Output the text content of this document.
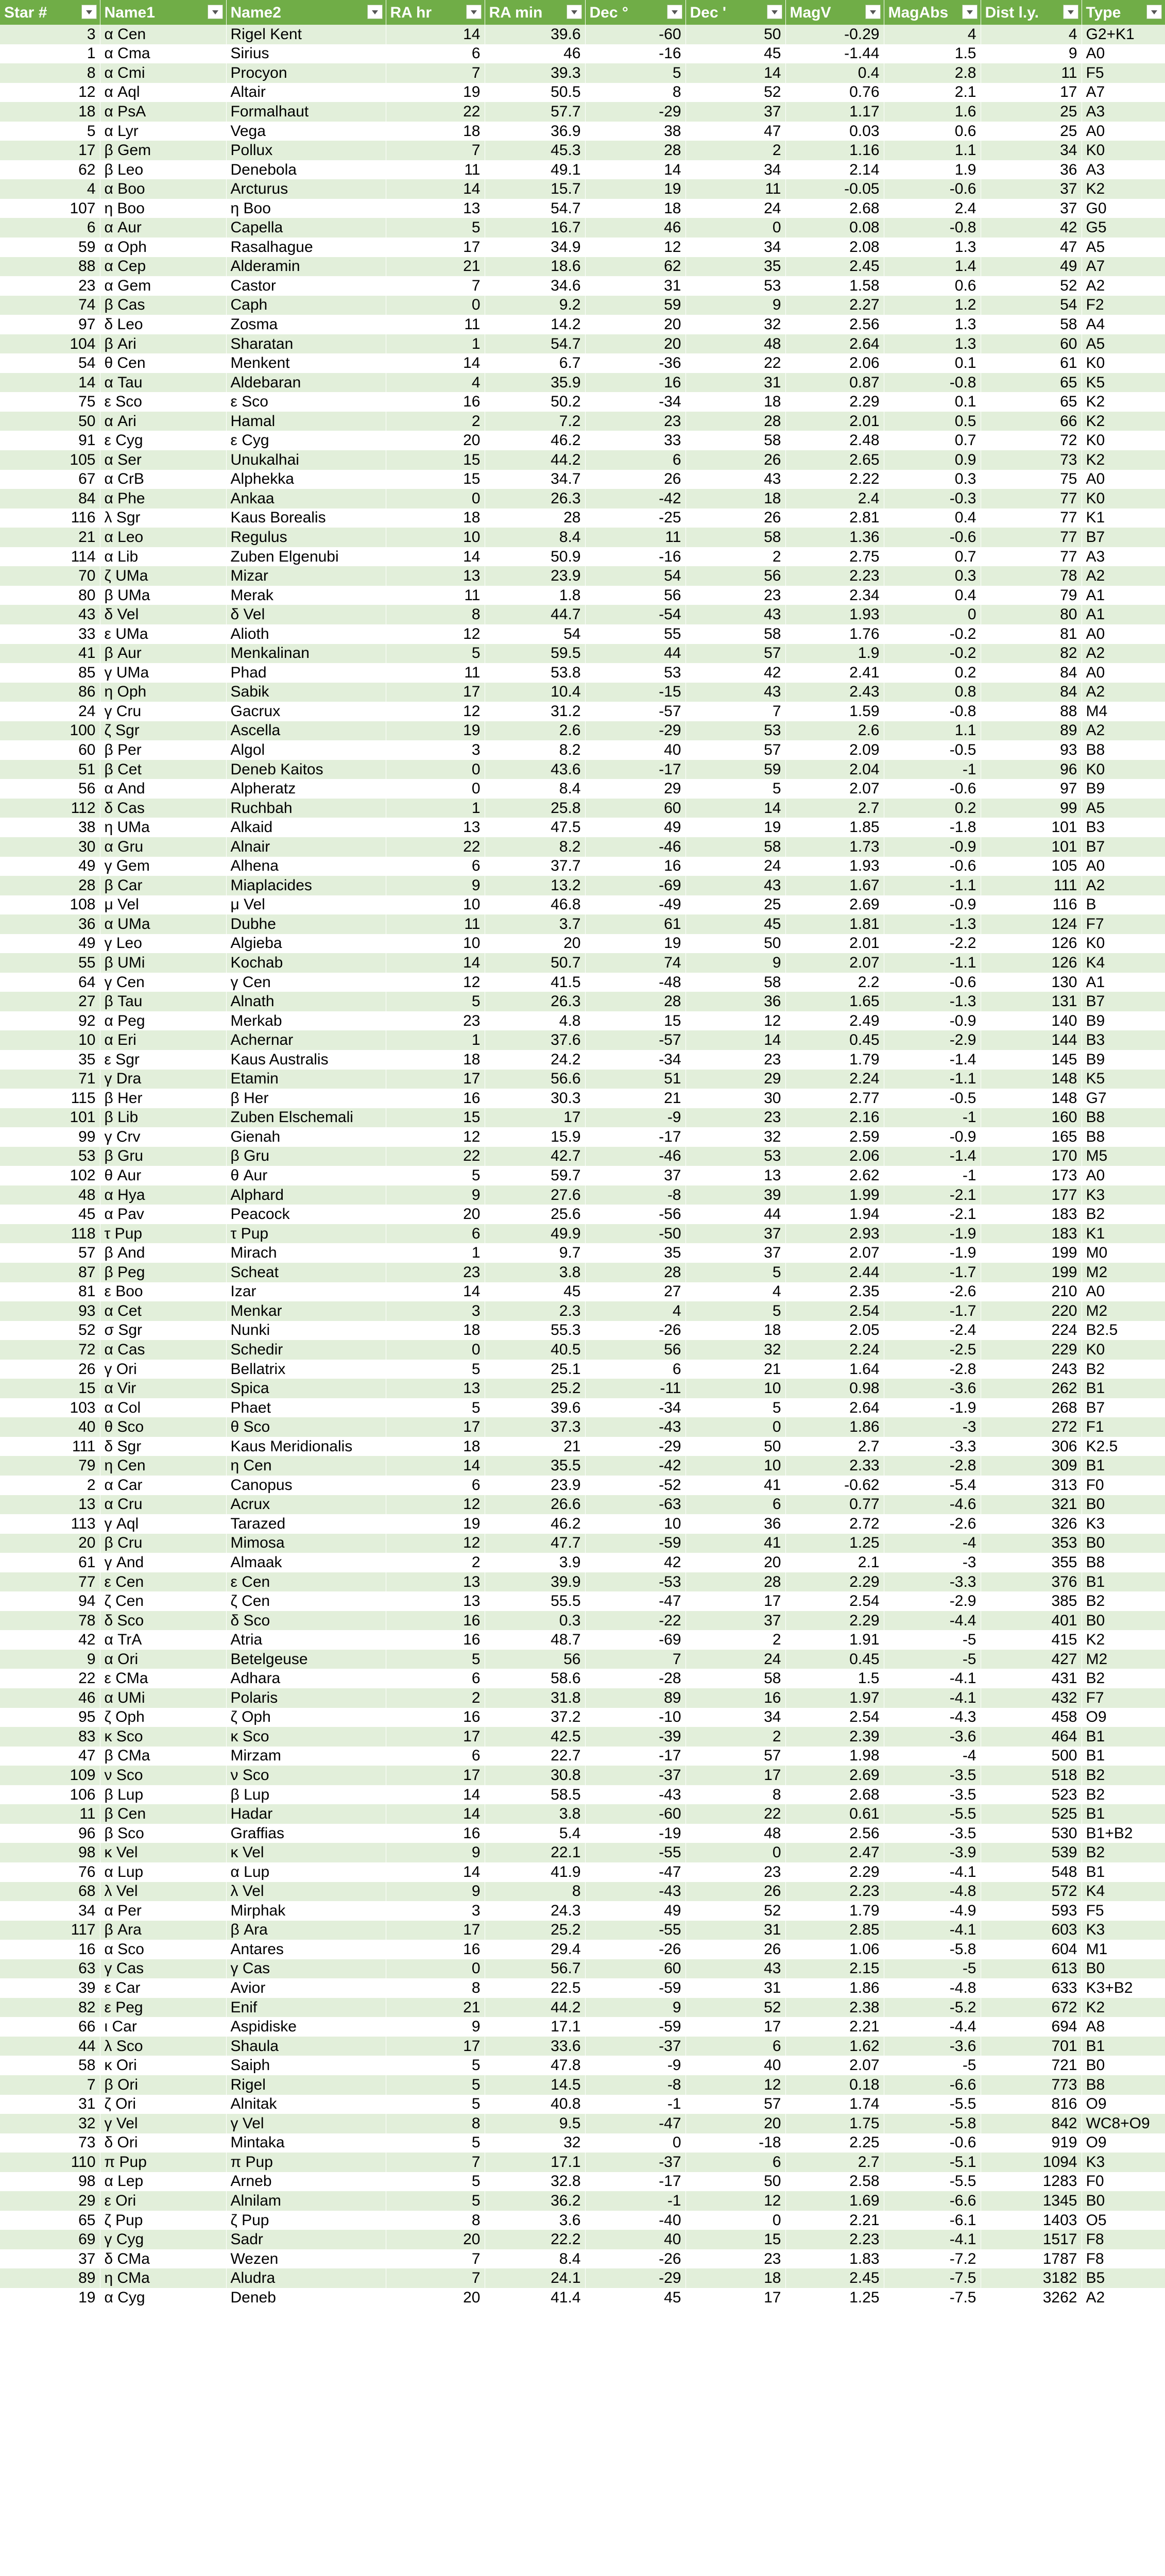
Star #	Name1	Name2	RA hr	RA min	Dec °	Dec '	MagV	MagAbs	Dist l.y.	Type

3	α Cen	Rigel Kent	14	39.6	-60	50	-0.29	4	4	G2+K1
1	α Cma	Sirius	6	46	-16	45	-1.44	1.5	9	A0
8	α Cmi	Procyon	7	39.3	5	14	0.4	2.8	11	F5
12	α Aql	Altair	19	50.5	8	52	0.76	2.1	17	A7
18	α PsA	Formalhaut	22	57.7	-29	37	1.17	1.6	25	A3
5	α Lyr	Vega	18	36.9	38	47	0.03	0.6	25	A0
17	β Gem	Pollux	7	45.3	28	2	1.16	1.1	34	K0
62	β Leo	Denebola	11	49.1	14	34	2.14	1.9	36	A3
4	α Boo	Arcturus	14	15.7	19	11	-0.05	-0.6	37	K2
107	η Boo	η Boo	13	54.7	18	24	2.68	2.4	37	G0
6	α Aur	Capella	5	16.7	46	0	0.08	-0.8	42	G5
59	α Oph	Rasalhague	17	34.9	12	34	2.08	1.3	47	A5
88	α Cep	Alderamin	21	18.6	62	35	2.45	1.4	49	A7
23	α Gem	Castor	7	34.6	31	53	1.58	0.6	52	A2
74	β Cas	Caph	0	9.2	59	9	2.27	1.2	54	F2
97	δ Leo	Zosma	11	14.2	20	32	2.56	1.3	58	A4
104	β Ari	Sharatan	1	54.7	20	48	2.64	1.3	60	A5
54	θ Cen	Menkent	14	6.7	-36	22	2.06	0.1	61	K0
14	α Tau	Aldebaran	4	35.9	16	31	0.87	-0.8	65	K5
75	ε Sco	ε Sco	16	50.2	-34	18	2.29	0.1	65	K2
50	α Ari	Hamal	2	7.2	23	28	2.01	0.5	66	K2
91	ε Cyg	ε Cyg	20	46.2	33	58	2.48	0.7	72	K0
105	α Ser	Unukalhai	15	44.2	6	26	2.65	0.9	73	K2
67	α CrB	Alphekka	15	34.7	26	43	2.22	0.3	75	A0
84	α Phe	Ankaa	0	26.3	-42	18	2.4	-0.3	77	K0
116	λ Sgr	Kaus Borealis	18	28	-25	26	2.81	0.4	77	K1
21	α Leo	Regulus	10	8.4	11	58	1.36	-0.6	77	B7
114	α Lib	Zuben Elgenubi	14	50.9	-16	2	2.75	0.7	77	A3
70	ζ UMa	Mizar	13	23.9	54	56	2.23	0.3	78	A2
80	β UMa	Merak	11	1.8	56	23	2.34	0.4	79	A1
43	δ Vel	δ Vel	8	44.7	-54	43	1.93	0	80	A1
33	ε UMa	Alioth	12	54	55	58	1.76	-0.2	81	A0
41	β Aur	Menkalinan	5	59.5	44	57	1.9	-0.2	82	A2
85	γ UMa	Phad	11	53.8	53	42	2.41	0.2	84	A0
86	η Oph	Sabik	17	10.4	-15	43	2.43	0.8	84	A2
24	γ Cru	Gacrux	12	31.2	-57	7	1.59	-0.8	88	M4
100	ζ Sgr	Ascella	19	2.6	-29	53	2.6	1.1	89	A2
60	β Per	Algol	3	8.2	40	57	2.09	-0.5	93	B8
51	β Cet	Deneb Kaitos	0	43.6	-17	59	2.04	-1	96	K0
56	α And	Alpheratz	0	8.4	29	5	2.07	-0.6	97	B9
112	δ Cas	Ruchbah	1	25.8	60	14	2.7	0.2	99	A5
38	η UMa	Alkaid	13	47.5	49	19	1.85	-1.8	101	B3
30	α Gru	Alnair	22	8.2	-46	58	1.73	-0.9	101	B7
49	γ Gem	Alhena	6	37.7	16	24	1.93	-0.6	105	A0
28	β Car	Miaplacides	9	13.2	-69	43	1.67	-1.1	111	A2
108	μ Vel	μ Vel	10	46.8	-49	25	2.69	-0.9	116	B
36	α UMa	Dubhe	11	3.7	61	45	1.81	-1.3	124	F7
49	γ Leo	Algieba	10	20	19	50	2.01	-2.2	126	K0
55	β UMi	Kochab	14	50.7	74	9	2.07	-1.1	126	K4
64	γ Cen	γ Cen	12	41.5	-48	58	2.2	-0.6	130	A1
27	β Tau	Alnath	5	26.3	28	36	1.65	-1.3	131	B7
92	α Peg	Merkab	23	4.8	15	12	2.49	-0.9	140	B9
10	α Eri	Achernar	1	37.6	-57	14	0.45	-2.9	144	B3
35	ε Sgr	Kaus Australis	18	24.2	-34	23	1.79	-1.4	145	B9
71	γ Dra	Etamin	17	56.6	51	29	2.24	-1.1	148	K5
115	β Her	β Her	16	30.3	21	30	2.77	-0.5	148	G7
101	β Lib	Zuben Elschemali	15	17	-9	23	2.16	-1	160	B8
99	γ Crv	Gienah	12	15.9	-17	32	2.59	-0.9	165	B8
53	β Gru	β Gru	22	42.7	-46	53	2.06	-1.4	170	M5
102	θ Aur	θ Aur	5	59.7	37	13	2.62	-1	173	A0
48	α Hya	Alphard	9	27.6	-8	39	1.99	-2.1	177	K3
45	α Pav	Peacock	20	25.6	-56	44	1.94	-2.1	183	B2
118	τ Pup	τ Pup	6	49.9	-50	37	2.93	-1.9	183	K1
57	β And	Mirach	1	9.7	35	37	2.07	-1.9	199	M0
87	β Peg	Scheat	23	3.8	28	5	2.44	-1.7	199	M2
81	ε Boo	Izar	14	45	27	4	2.35	-2.6	210	A0
93	α Cet	Menkar	3	2.3	4	5	2.54	-1.7	220	M2
52	σ Sgr	Nunki	18	55.3	-26	18	2.05	-2.4	224	B2.5
72	α Cas	Schedir	0	40.5	56	32	2.24	-2.5	229	K0
26	γ Ori	Bellatrix	5	25.1	6	21	1.64	-2.8	243	B2
15	α Vir	Spica	13	25.2	-11	10	0.98	-3.6	262	B1
103	α Col	Phaet	5	39.6	-34	5	2.64	-1.9	268	B7
40	θ Sco	θ Sco	17	37.3	-43	0	1.86	-3	272	F1
111	δ Sgr	Kaus Meridionalis	18	21	-29	50	2.7	-3.3	306	K2.5
79	η Cen	η Cen	14	35.5	-42	10	2.33	-2.8	309	B1
2	α Car	Canopus	6	23.9	-52	41	-0.62	-5.4	313	F0
13	α Cru	Acrux	12	26.6	-63	6	0.77	-4.6	321	B0
113	γ Aql	Tarazed	19	46.2	10	36	2.72	-2.6	326	K3
20	β Cru	Mimosa	12	47.7	-59	41	1.25	-4	353	B0
61	γ And	Almaak	2	3.9	42	20	2.1	-3	355	B8
77	ε Cen	ε Cen	13	39.9	-53	28	2.29	-3.3	376	B1
94	ζ Cen	ζ Cen	13	55.5	-47	17	2.54	-2.9	385	B2
78	δ Sco	δ Sco	16	0.3	-22	37	2.29	-4.4	401	B0
42	α TrA	Atria	16	48.7	-69	2	1.91	-5	415	K2
9	α Ori	Betelgeuse	5	56	7	24	0.45	-5	427	M2
22	ε CMa	Adhara	6	58.6	-28	58	1.5	-4.1	431	B2
46	α UMi	Polaris	2	31.8	89	16	1.97	-4.1	432	F7
95	ζ Oph	ζ Oph	16	37.2	-10	34	2.54	-4.3	458	O9
83	κ Sco	κ Sco	17	42.5	-39	2	2.39	-3.6	464	B1
47	β CMa	Mirzam	6	22.7	-17	57	1.98	-4	500	B1
109	ν Sco	ν Sco	17	30.8	-37	17	2.69	-3.5	518	B2
106	β Lup	β Lup	14	58.5	-43	8	2.68	-3.5	523	B2
11	β Cen	Hadar	14	3.8	-60	22	0.61	-5.5	525	B1
96	β Sco	Graffias	16	5.4	-19	48	2.56	-3.5	530	B1+B2
98	κ Vel	κ Vel	9	22.1	-55	0	2.47	-3.9	539	B2
76	α Lup	α Lup	14	41.9	-47	23	2.29	-4.1	548	B1
68	λ Vel	λ Vel	9	8	-43	26	2.23	-4.8	572	K4
34	α Per	Mirphak	3	24.3	49	52	1.79	-4.9	593	F5
117	β Ara	β Ara	17	25.2	-55	31	2.85	-4.1	603	K3
16	α Sco	Antares	16	29.4	-26	26	1.06	-5.8	604	M1
63	γ Cas	γ Cas	0	56.7	60	43	2.15	-5	613	B0
39	ε Car	Avior	8	22.5	-59	31	1.86	-4.8	633	K3+B2
82	ε Peg	Enif	21	44.2	9	52	2.38	-5.2	672	K2
66	ι Car	Aspidiske	9	17.1	-59	17	2.21	-4.4	694	A8
44	λ Sco	Shaula	17	33.6	-37	6	1.62	-3.6	701	B1
58	κ Ori	Saiph	5	47.8	-9	40	2.07	-5	721	B0
7	β Ori	Rigel	5	14.5	-8	12	0.18	-6.6	773	B8
31	ζ Ori	Alnitak	5	40.8	-1	57	1.74	-5.5	816	O9
32	γ Vel	γ Vel	8	9.5	-47	20	1.75	-5.8	842	WC8+O9
73	δ Ori	Mintaka	5	32	0	-18	2.25	-0.6	919	O9
110	π Pup	π Pup	7	17.1	-37	6	2.7	-5.1	1094	K3
98	α Lep	Arneb	5	32.8	-17	50	2.58	-5.5	1283	F0
29	ε Ori	Alnilam	5	36.2	-1	12	1.69	-6.6	1345	B0
65	ζ Pup	ζ Pup	8	3.6	-40	0	2.21	-6.1	1403	O5
69	γ Cyg	Sadr	20	22.2	40	15	2.23	-4.1	1517	F8
37	δ CMa	Wezen	7	8.4	-26	23	1.83	-7.2	1787	F8
89	η CMa	Aludra	7	24.1	-29	18	2.45	-7.5	3182	B5
19	α Cyg	Deneb	20	41.4	45	17	1.25	-7.5	3262	A2
